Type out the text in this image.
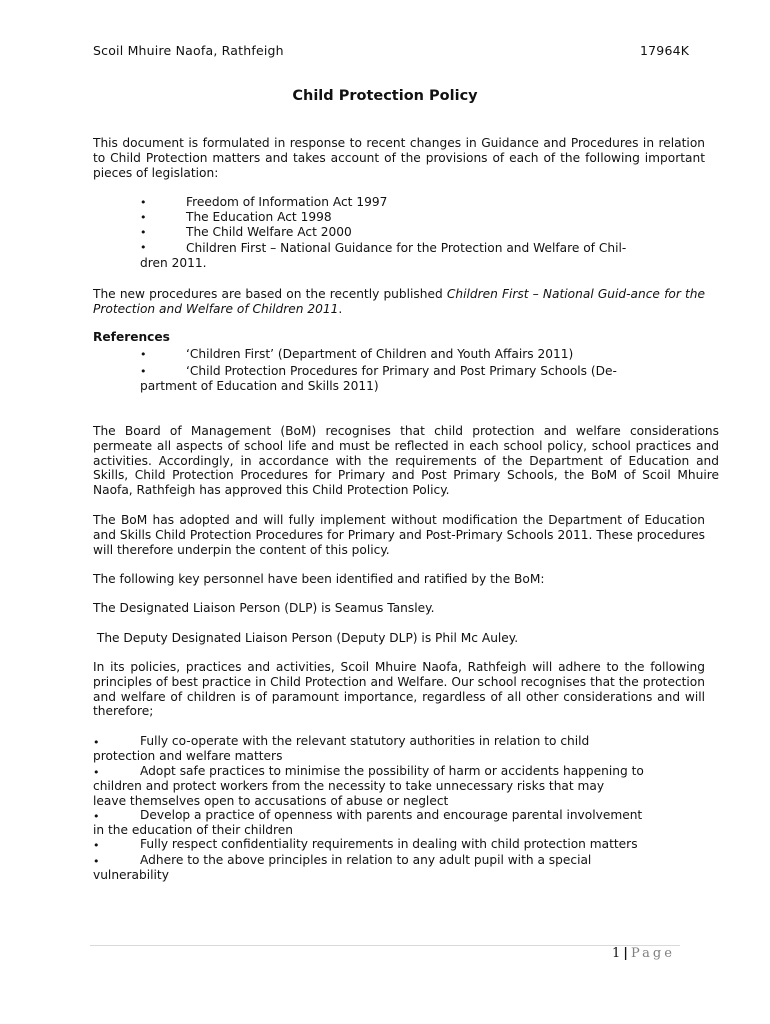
Scoil Mhuire Naofa, Rathfeigh	17964K
Child Protection Policy
This document is formulated in response to recent changes in Guidance and Procedures in relation to Child Protection matters and takes account of the provisions of each of the following important pieces of legislation:
•	Freedom of Information Act 1997
•	The Education Act 1998
•	The Child Welfare Act 2000
•	Children First – National Guidance for the Protection and Welfare of Chil-
dren 2011.
The new procedures are based on the recently published Children First – National Guid-ance for the Protection and Welfare of Children 2011.
References
•	‘Children First’ (Department of Children and Youth Affairs 2011)
•	‘Child Protection Procedures for Primary and Post Primary Schools (De-
partment of Education and Skills 2011)
The Board of Management (BoM) recognises that child protection and welfare considerations permeate all aspects of school life and must be reflected in each school policy, school practices and activities. Accordingly, in accordance with the requirements of the Department of Education and Skills, Child Protection Procedures for Primary and Post Primary Schools, the BoM of Scoil Mhuire Naofa, Rathfeigh has approved this Child Protection Policy.
The BoM has adopted and will fully implement without modification the Department of Education and Skills Child Protection Procedures for Primary and Post-Primary Schools 2011. These procedures will therefore underpin the content of this policy.
The following key personnel have been identified and ratified by the BoM:
The Designated Liaison Person (DLP) is Seamus Tansley.
The Deputy Designated Liaison Person (Deputy DLP) is Phil Mc Auley.
In its policies, practices and activities, Scoil Mhuire Naofa, Rathfeigh will adhere to the following principles of best practice in Child Protection and Welfare. Our school recognises that the protection and welfare of children is of paramount importance, regardless of all other considerations and will therefore;
•	Fully co-operate with the relevant statutory authorities in relation to child
protection and welfare matters
•	Adopt safe practices to minimise the possibility of harm or accidents happening to
children and protect workers from the necessity to take unnecessary risks that may
leave themselves open to accusations of abuse or neglect
•	Develop a practice of openness with parents and encourage parental involvement
in the education of their children
•	Fully respect confidentiality requirements in dealing with child protection matters
•	Adhere to the above principles in relation to any adult pupil with a special
vulnerability
1 | Page
